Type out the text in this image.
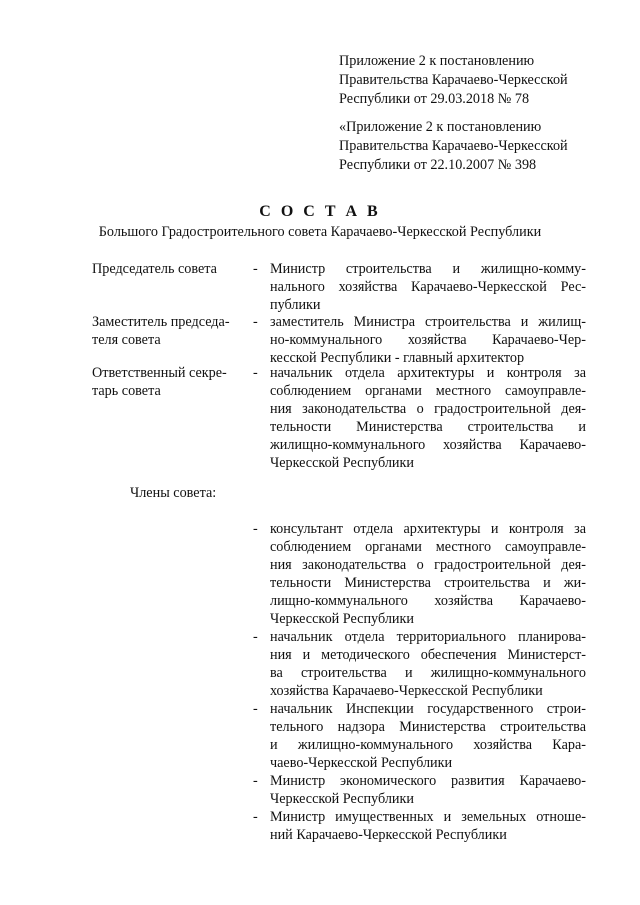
Приложение 2 к постановлению
Правительства Карачаево-Черкесской
Республики от 29.03.2018 № 78
«Приложение 2 к постановлению
Правительства Карачаево-Черкесской
Республики от 22.10.2007 № 398
С О С Т А В
Большого Градостроительного совета Карачаево-Черкесской Республики
Председатель совета	- Министр строительства и жилищно-комму-
нального хозяйства Карачаево-Черкесской Рес-
публики
Заместитель председа-
теля совета
- заместитель Министра строительства и жилищ-
но-коммунального хозяйства Карачаево-Чер-
кесской Республики - главный архитектор
Ответственный секре-
тарь совета
- начальник отдела архитектуры и контроля за
соблюдением органами местного самоуправле-
ния законодательства о градостроительной дея-
тельности Министерства строительства и
жилищно-коммунального хозяйства Карачаево-
Черкесской Республики
Члены совета:
- консультант отдела архитектуры и контроля за
соблюдением органами местного самоуправле-
ния законодательства о градостроительной дея-
тельности Министерства строительства и жи-
лищно-коммунального хозяйства Карачаево-
Черкесской Республики
- начальник отдела территориального планирова-
ния и методического обеспечения Министерст-
ва строительства и жилищно-коммунального
хозяйства Карачаево-Черкесской Республики
- начальник Инспекции государственного строи-
тельного надзора Министерства строительства
и жилищно-коммунального хозяйства Кара-
чаево-Черкесской Республики
- Министр экономического развития Карачаево-
Черкесской Республики
- Министр имущественных и земельных отноше-
ний Карачаево-Черкесской Республики
